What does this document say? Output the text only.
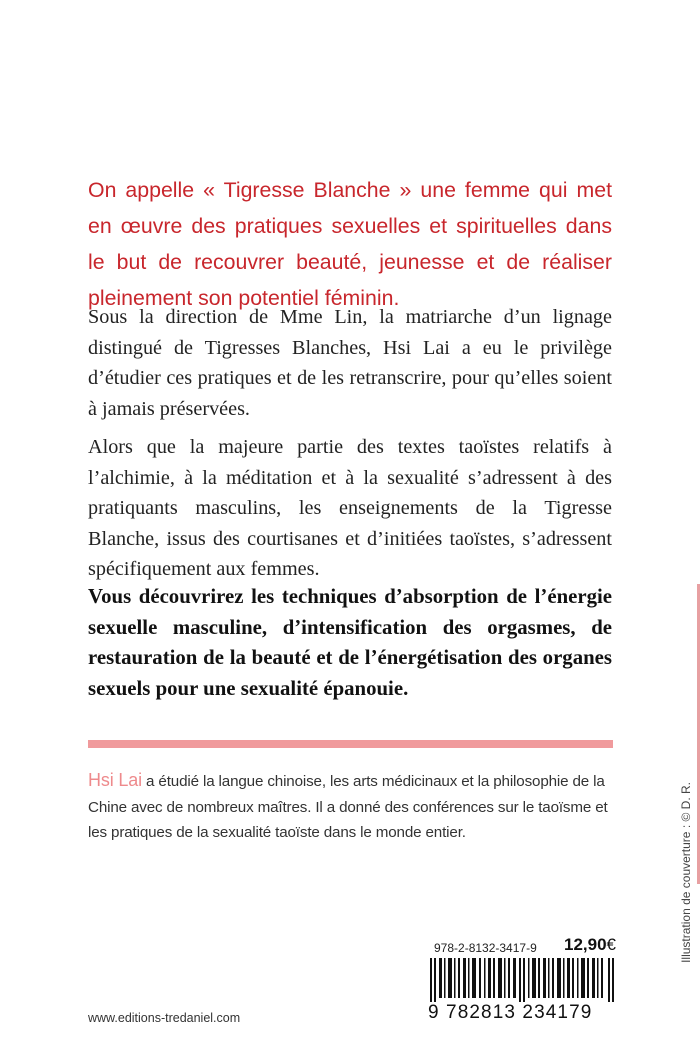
On appelle « Tigresse Blanche » une femme qui met en œuvre des pratiques sexuelles et spirituelles dans le but de recouvrer beauté, jeunesse et de réaliser pleinement son potentiel féminin.
Sous la direction de Mme Lin, la matriarche d’un lignage distingué de Tigresses Blanches, Hsi Lai a eu le privilège d’étudier ces pratiques et de les retranscrire, pour qu’elles soient à jamais préservées.
Alors que la majeure partie des textes taoïstes relatifs à l’alchimie, à la méditation et à la sexualité s’adressent à des pratiquants masculins, les enseignements de la Tigresse Blanche, issus des courtisanes et d’initiées taoïstes, s’adressent spécifiquement aux femmes.
Vous découvrirez les techniques d’absorption de l’énergie sexuelle masculine, d’intensification des orgasmes, de restauration de la beauté et de l’énergétisation des organes sexuels pour une sexualité épanouie.
Hsi Lai a étudié la langue chinoise, les arts médicinaux et la philosophie de la Chine avec de nombreux maîtres. Il a donné des conférences sur le taoïsme et les pratiques de la sexualité taoïste dans le monde entier.	Illustration de couverture : © D. R.
978-2-8132-3417-9 12,90€
9 782813 234179
www.editions-tredaniel.com
